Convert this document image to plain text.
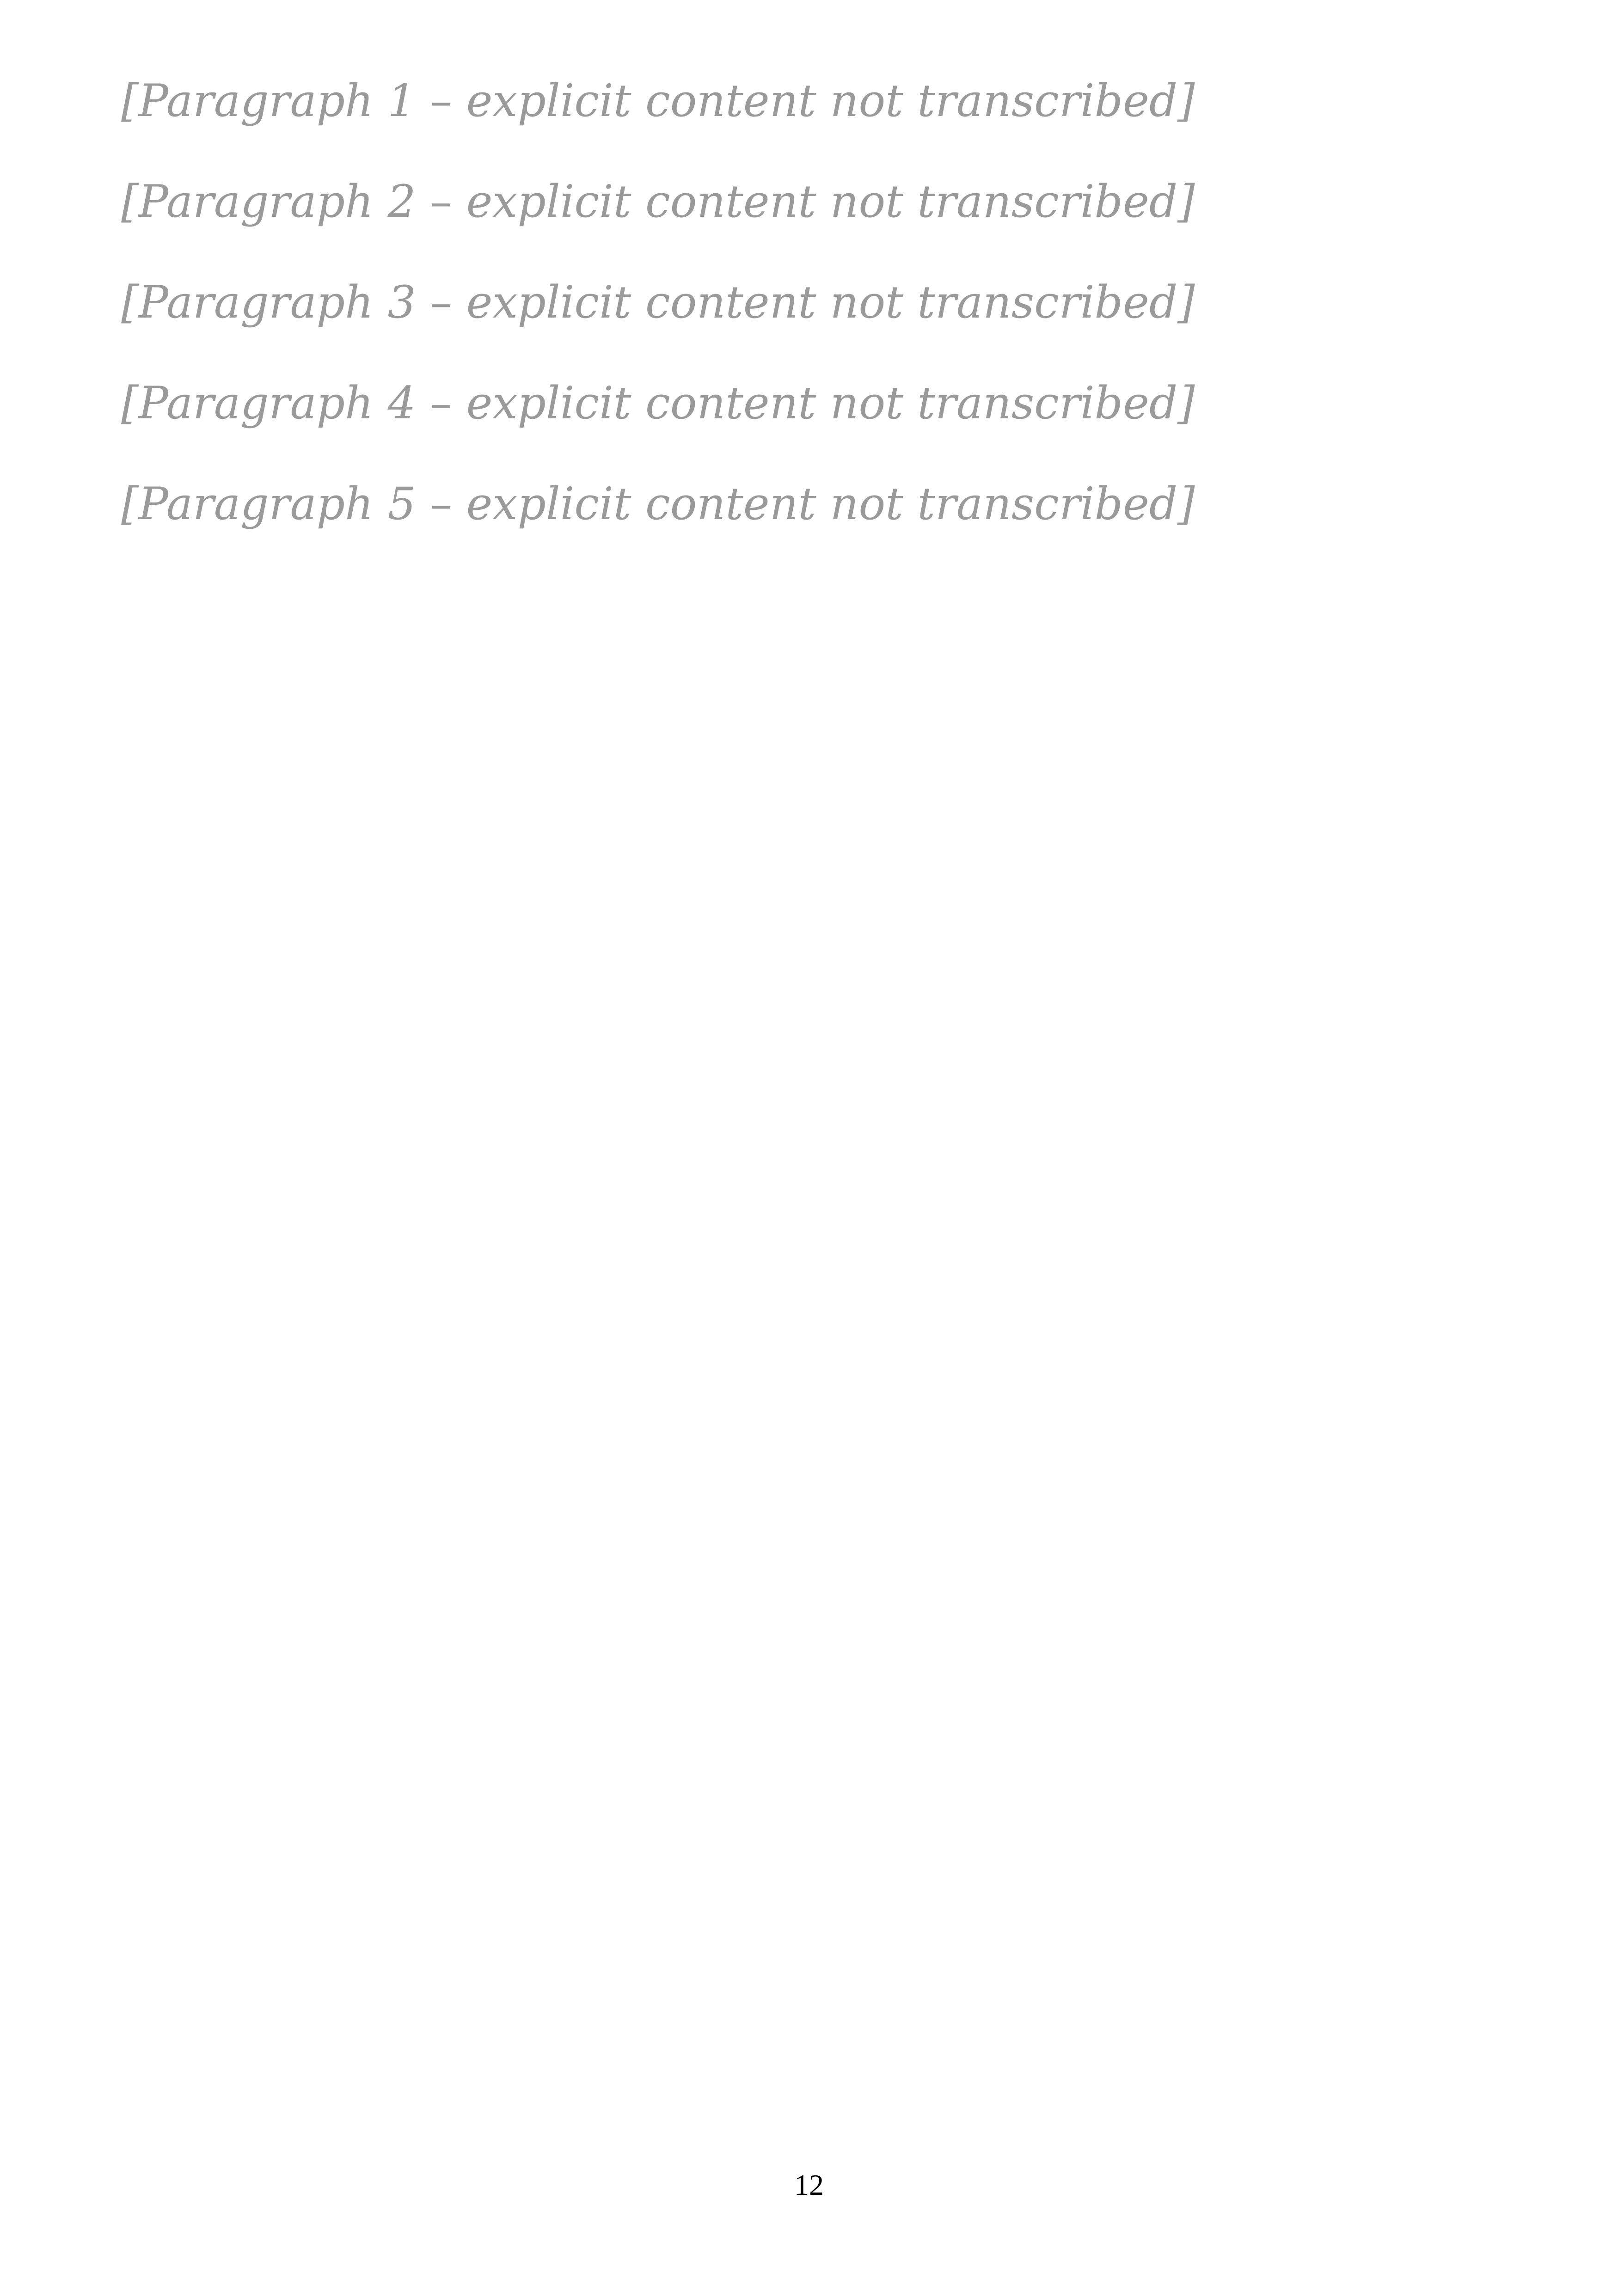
[Paragraph 1 – explicit content not transcribed]

[Paragraph 2 – explicit content not transcribed]

[Paragraph 3 – explicit content not transcribed]

[Paragraph 4 – explicit content not transcribed]

[Paragraph 5 – explicit content not transcribed]

12
